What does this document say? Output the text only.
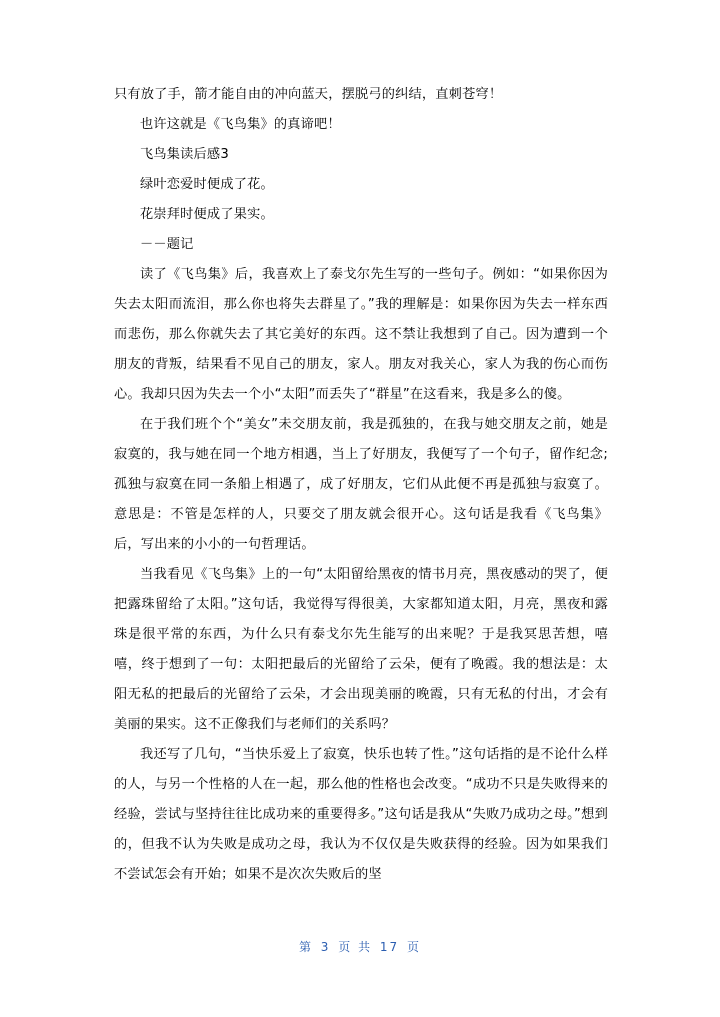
只有放了手，箭才能自由的冲向蓝天，摆脱弓的纠结，直刺苍穹！

也许这就是《飞鸟集》的真谛吧！

飞鸟集读后感3

绿叶恋爱时便成了花。

花崇拜时便成了果实。

－－题记

读了《飞鸟集》后，我喜欢上了泰戈尔先生写的一些句子。例如：“如果你因为失去太阳而流泪，那么你也将失去群星了。”我的理解是：如果你因为失去一样东西而悲伤，那么你就失去了其它美好的东西。这不禁让我想到了自己。因为遭到一个朋友的背叛，结果看不见自己的朋友，家人。朋友对我关心，家人为我的伤心而伤心。我却只因为失去一个小“太阳”而丢失了“群星”在这看来，我是多么的傻。

在于我们班个个“美女”未交朋友前，我是孤独的，在我与她交朋友之前，她是寂寞的，我与她在同一个地方相遇，当上了好朋友，我便写了一个句子，留作纪念;孤独与寂寞在同一条船上相遇了，成了好朋友，它们从此便不再是孤独与寂寞了。意思是：不管是怎样的人，只要交了朋友就会很开心。这句话是我看《飞鸟集》后，写出来的小小的一句哲理话。

当我看见《飞鸟集》上的一句“太阳留给黑夜的情书月亮，黑夜感动的哭了，便把露珠留给了太阳。”这句话，我觉得写得很美，大家都知道太阳，月亮，黑夜和露珠是很平常的东西，为什么只有泰戈尔先生能写的出来呢？于是我冥思苦想，嘻嘻，终于想到了一句：太阳把最后的光留给了云朵，便有了晚霞。我的想法是：太阳无私的把最后的光留给了云朵，才会出现美丽的晚霞，只有无私的付出，才会有美丽的果实。这不正像我们与老师们的关系吗？

我还写了几句，“当快乐爱上了寂寞，快乐也转了性。”这句话指的是不论什么样的人，与另一个性格的人在一起，那么他的性格也会改变。“成功不只是失败得来的经验，尝试与坚持往往比成功来的重要得多。”这句话是我从“失败乃成功之母。”想到的，但我不认为失败是成功之母，我认为不仅仅是失败获得的经验。因为如果我们不尝试怎会有开始；如果不是次次失败后的坚

第 3 页 共 17 页
